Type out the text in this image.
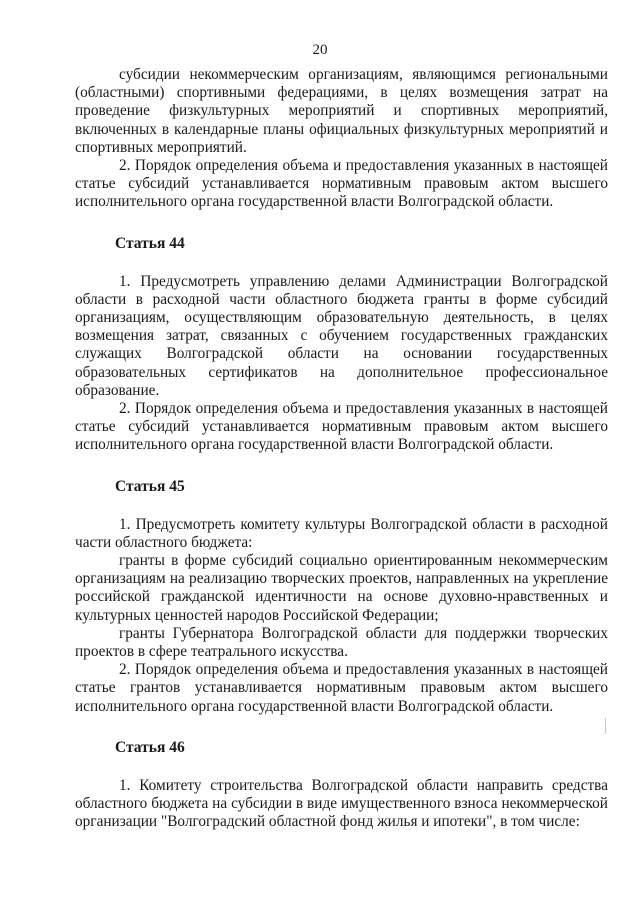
20

субсидии некоммерческим организациям, являющимся региональными (областными) спортивными федерациями, в целях возмещения затрат на проведение физкультурных мероприятий и спортивных мероприятий, включенных в календарные планы официальных физкультурных мероприятий и спортивных мероприятий.

2. Порядок определения объема и предоставления указанных в настоящей статье субсидий устанавливается нормативным правовым актом высшего исполнительного органа государственной власти Волгоградской области.

Статья 44

1. Предусмотреть управлению делами Администрации Волгоградской области в расходной части областного бюджета гранты в форме субсидий организациям, осуществляющим образовательную деятельность, в целях возмещения затрат, связанных с обучением государственных гражданских служащих Волгоградской области на основании государственных образовательных сертификатов на дополнительное профессиональное образование.

2. Порядок определения объема и предоставления указанных в настоящей статье субсидий устанавливается нормативным правовым актом высшего исполнительного органа государственной власти Волгоградской области.

Статья 45

1. Предусмотреть комитету культуры Волгоградской области в расходной части областного бюджета:

гранты в форме субсидий социально ориентированным некоммерческим организациям на реализацию творческих проектов, направленных на укрепление российской гражданской идентичности на основе духовно-нравственных и культурных ценностей народов Российской Федерации;

гранты Губернатора Волгоградской области для поддержки творческих проектов в сфере театрального искусства.

2. Порядок определения объема и предоставления указанных в настоящей статье грантов устанавливается нормативным правовым актом высшего исполнительного органа государственной власти Волгоградской области.

Статья 46

1. Комитету строительства Волгоградской области направить средства областного бюджета на субсидии в виде имущественного взноса некоммерческой организации "Волгоградский областной фонд жилья и ипотеки", в том числе:
